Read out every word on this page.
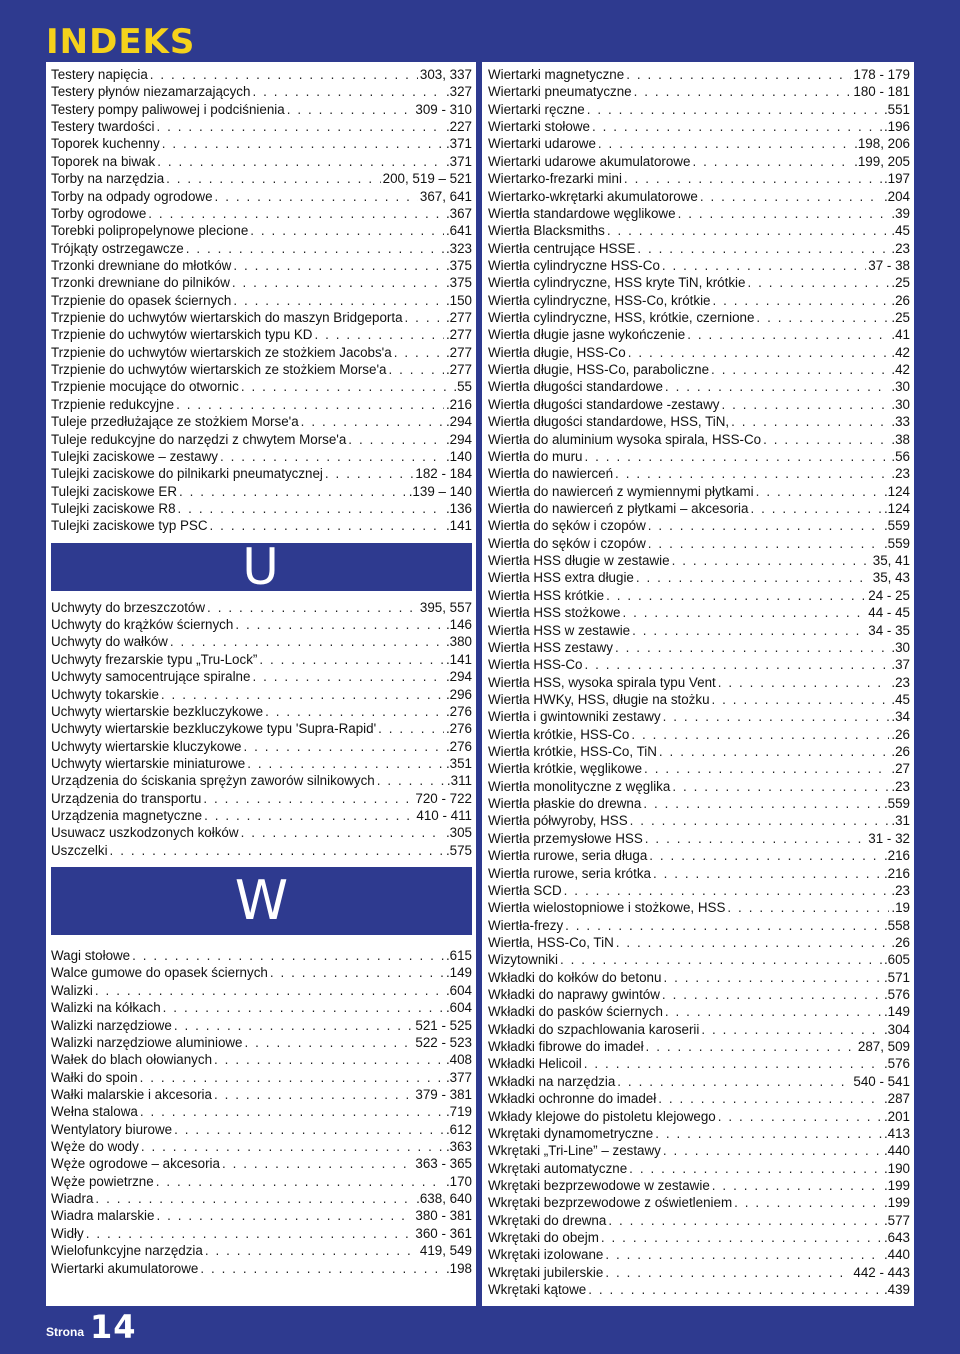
INDEKS
Testery napięcia . . .	303, 337
Testery płynów niezamarzających . . .	.327
Testery pompy paliwowej i podciśnienia . . .	309 - 310
Testery twardości . . .	.227
Toporek kuchenny . . .	.371
Toporek na biwak . . .	.371
Torby na narzędzia . . .	200, 519 – 521
Torby na odpady ogrodowe . . .	367, 641
Torby ogrodowe . . .	.367
Torebki polipropelynowe plecione . . .	.641
Trójkąty ostrzegawcze . . .	.323
Trzonki drewniane do młotków . . .	.375
Trzonki drewniane do pilników . . .	.375
Trzpienie do opasek ściernych . . .	.150
Trzpienie do uchwytów wiertarskich do maszyn Bridgeporta . . .	.277
Trzpienie do uchwytów wiertarskich typu KD . . .	.277
Trzpienie do uchwytów wiertarskich ze stożkiem Jacobs'a . . .	.277
Trzpienie do uchwytów wiertarskich ze stożkiem Morse'a . . .	.277
Trzpienie mocujące do otwornic . . .	.55
Trzpienie redukcyjne . . .	.216
Tuleje przedłużające ze stożkiem Morse'a . . .	.294
Tuleje redukcyjne do narzędzi z chwytem Morse'a . . .	.294
Tulejki zaciskowe – zestawy . . .	.140
Tulejki zaciskowe do pilnikarki pneumatycznej . . .	182 - 184
Tulejki zaciskowe ER . . .	.139 – 140
Tulejki zaciskowe R8 . . .	.136
Tulejki zaciskowe typ PSC . . .	.141
U
Uchwyty do brzeszczotów . . .	395, 557
Uchwyty do krążków ściernych . . .	.146
Uchwyty do wałków . . .	.380
Uchwyty frezarskie typu „Tru-Lock” . . .	.141
Uchwyty samocentrujące spiralne . . .	.294
Uchwyty tokarskie . . .	.296
Uchwyty wiertarskie bezkluczykowe . . .	.276
Uchwyty wiertarskie bezkluczykowe typu 'Supra-Rapid' . . .	.276
Uchwyty wiertarskie kluczykowe . . .	.276
Uchwyty wiertarskie miniaturowe . . .	.351
Urządzenia do ściskania sprężyn zaworów silnikowych . . .	.311
Urządzenia do transportu . . .	720 - 722
Urządzenia magnetyczne . . .	410 - 411
Usuwacz uszkodzonych kołków . . .	.305
Uszczelki . . .	.575
W
Wagi stołowe . . .	.615
Walce gumowe do opasek ściernych . . .	.149
Walizki . . .	.604
Walizki na kółkach . . .	.604
Walizki narzędziowe . . .	521 - 525
Walizki narzędziowe aluminiowe . . .	522 - 523
Wałek do blach ołowianych . . .	.408
Wałki do spoin . . .	.377
Wałki malarskie i akcesoria . . .	379 - 381
Wełna stalowa . . .	.719
Wentylatory biurowe . . .	.612
Węże do wody . . .	.363
Węże ogrodowe – akcesoria . . .	363 - 365
Węże powietrzne . . .	.170
Wiadra . . .	.638, 640
Wiadra malarskie . . .	380 - 381
Widły . . .	360 - 361
Wielofunkcyjne narzędzia . . .	419, 549
Wiertarki akumulatorowe . . .	.198
Wiertarki magnetyczne . . .	178 - 179
Wiertarki pneumatyczne . . .	180 - 181
Wiertarki ręczne . . .	.551
Wiertarki stołowe . . .	.196
Wiertarki udarowe . . .	.198, 206
Wiertarki udarowe akumulatorowe . . .	.199, 205
Wiertarko-frezarki mini . . .	.197
Wiertarko-wkrętarki akumulatorowe . . .	.204
Wiertła standardowe węglikowe . . .	.39
Wiertła Blacksmiths . . .	.45
Wiertła centrujące HSSE . . .	.23
Wiertła cylindryczne HSS-Co . . .	37 - 38
Wiertła cylindryczne, HSS kryte TiN, krótkie . . .	.25
Wiertła cylindryczne, HSS-Co, krótkie . . .	.26
Wiertła cylindryczne, HSS, krótkie, czernione . . .	.25
Wiertła długie jasne wykończenie . . .	.41
Wiertła długie, HSS-Co . . .	.42
Wiertła długie, HSS-Co, paraboliczne . . .	.42
Wiertła długości standardowe . . .	.30
Wiertła długości standardowe -zestawy . . .	.30
Wiertła długości standardowe, HSS, TiN, . . .	.33
Wiertła do aluminium wysoka spirala, HSS-Co . . .	.38
Wiertła do muru . . .	.56
Wiertła do nawierceń . . .	.23
Wiertła do nawierceń z wymiennymi płytkami . . .	.124
Wiertła do nawierceń z płytkami – akcesoria . . .	.124
Wiertła do sęków i czopów . . .	.559
Wiertła do sęków i czopów . . .	.559
Wiertła HSS długie w zestawie . . .	35, 41
Wiertła HSS extra długie . . .	35, 43
Wiertła HSS krótkie . . .	24 - 25
Wiertła HSS stożkowe . . .	44 - 45
Wiertła HSS w zestawie . . .	34 - 35
Wiertła HSS zestawy . . .	.30
Wiertła HSS-Co . . .	.37
Wiertła HSS, wysoka spirala typu Vent . . .	.23
Wiertła HWKy, HSS, długie na stożku . . .	.45
Wiertła i gwintowniki zestawy . . .	.34
Wiertła krótkie, HSS-Co . . .	.26
Wiertła krótkie, HSS-Co, TiN . . .	.26
Wiertła krótkie, węglikowe . . .	.27
Wiertła monolityczne z węglika . . .	.23
Wiertła płaskie do drewna . . .	.559
Wiertła półwyroby, HSS . . .	.31
Wiertła przemysłowe HSS . . .	31 - 32
Wiertła rurowe, seria długa . . .	.216
Wiertła rurowe, seria krótka . . .	.216
Wiertła SCD . . .	.23
Wiertła wielostopniowe i stożkowe, HSS . . .	.19
Wiertła-frezy . . .	.558
Wiertła, HSS-Co, TiN . . .	.26
Wizytowniki . . .	.605
Wkładki do kołków do betonu . . .	.571
Wkładki do naprawy gwintów . . .	.576
Wkładki do pasków ściernych . . .	.149
Wkładki do szpachlowania karoserii . . .	.304
Wkładki fibrowe do imadeł . . .	287, 509
Wkładki Helicoil . . .	.576
Wkładki na narzędzia . . .	540 - 541
Wkładki ochronne do imadeł . . .	.287
Wkłady klejowe do pistoletu klejowego . . .	.201
Wkrętaki dynamometryczne . . .	.413
Wkrętaki „Tri-Line” – zestawy . . .	.440
Wkrętaki automatyczne . . .	.190
Wkrętaki bezprzewodowe w zestawie . . .	.199
Wkrętaki bezprzewodowe z oświetleniem . . .	.199
Wkrętaki do drewna . . .	.577
Wkrętaki do obejm . . .	.643
Wkrętaki izolowane . . .	.440
Wkrętaki jubilerskie . . .	442 - 443
Wkrętaki kątowe . . .	.439
Strona 14
